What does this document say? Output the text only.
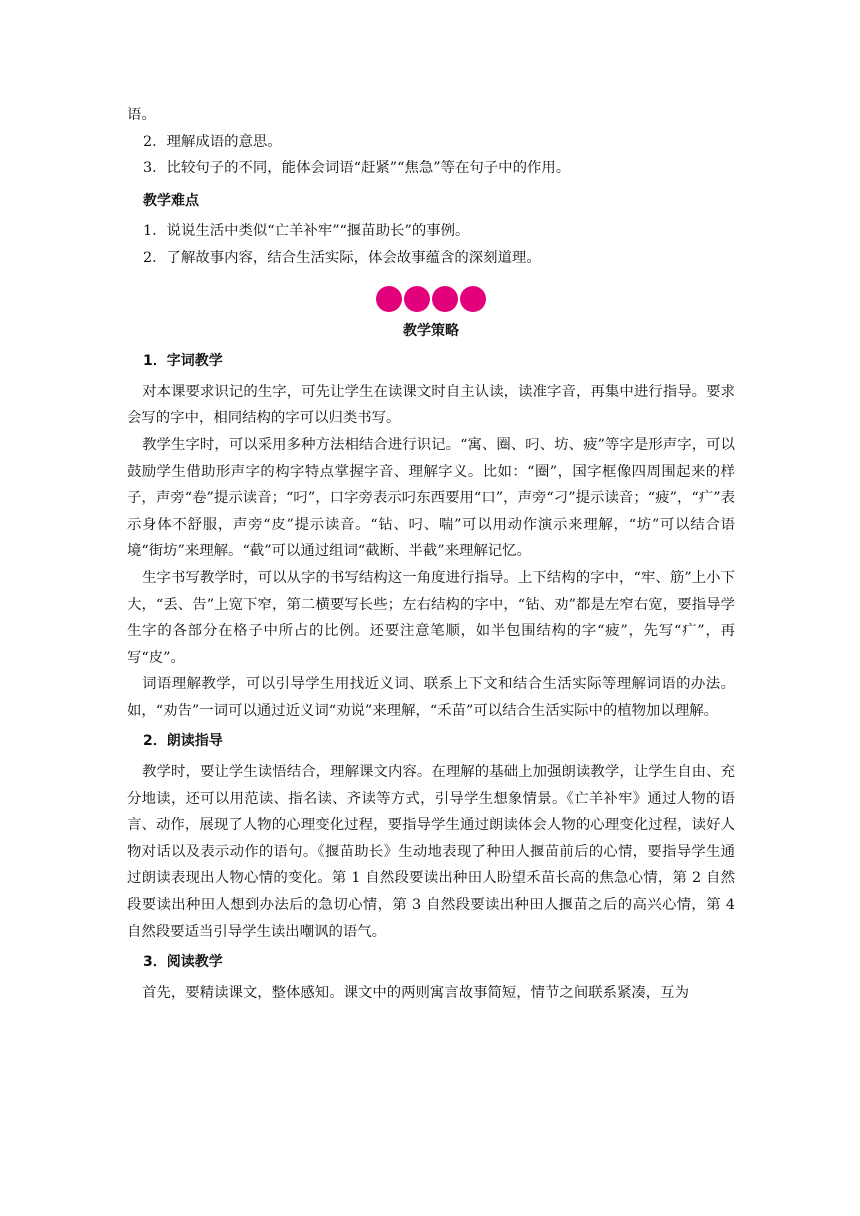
语。

2．理解成语的意思。

3．比较句子的不同，能体会词语“赶紧”“焦急”等在句子中的作用。

教学难点

1．说说生活中类似“亡羊补牢”“揠苗助长”的事例。

2．了解故事内容，结合生活实际，体会故事蕴含的深刻道理。

教学策略
1．字词教学

对本课要求识记的生字，可先让学生在读课文时自主认读，读准字音，再集中进行指导。要求会写的字中，相同结构的字可以归类书写。

教学生字时，可以采用多种方法相结合进行识记。“寓、圈、叼、坊、疲”等字是形声字，可以鼓励学生借助形声字的构字特点掌握字音、理解字义。比如：“圈”，国字框像四周围起来的样子，声旁“卷”提示读音；“叼”，口字旁表示叼东西要用“口”，声旁“刁”提示读音；“疲”，“疒”表示身体不舒服，声旁“皮”提示读音。“钻、叼、喘”可以用动作演示来理解，“坊”可以结合语境“街坊”来理解。“截”可以通过组词“截断、半截”来理解记忆。

生字书写教学时，可以从字的书写结构这一角度进行指导。上下结构的字中，“牢、筋”上小下大，“丢、告”上宽下窄，第二横要写长些；左右结构的字中，“钻、劝”都是左窄右宽，要指导学生字的各部分在格子中所占的比例。还要注意笔顺，如半包围结构的字“疲”，先写“疒”，再写“皮”。

词语理解教学，可以引导学生用找近义词、联系上下文和结合生活实际等理解词语的办法。如，“劝告”一词可以通过近义词“劝说”来理解，“禾苗”可以结合生活实际中的植物加以理解。

2．朗读指导

教学时，要让学生读悟结合，理解课文内容。在理解的基础上加强朗读教学，让学生自由、充分地读，还可以用范读、指名读、齐读等方式，引导学生想象情景。《亡羊补牢》通过人物的语言、动作，展现了人物的心理变化过程，要指导学生通过朗读体会人物的心理变化过程，读好人物对话以及表示动作的语句。《揠苗助长》生动地表现了种田人揠苗前后的心情，要指导学生通过朗读表现出人物心情的变化。第 1 自然段要读出种田人盼望禾苗长高的焦急心情，第 2 自然段要读出种田人想到办法后的急切心情，第 3 自然段要读出种田人揠苗之后的高兴心情，第 4 自然段要适当引导学生读出嘲讽的语气。

3．阅读教学

首先，要精读课文，整体感知。课文中的两则寓言故事简短，情节之间联系紧凑，互为
